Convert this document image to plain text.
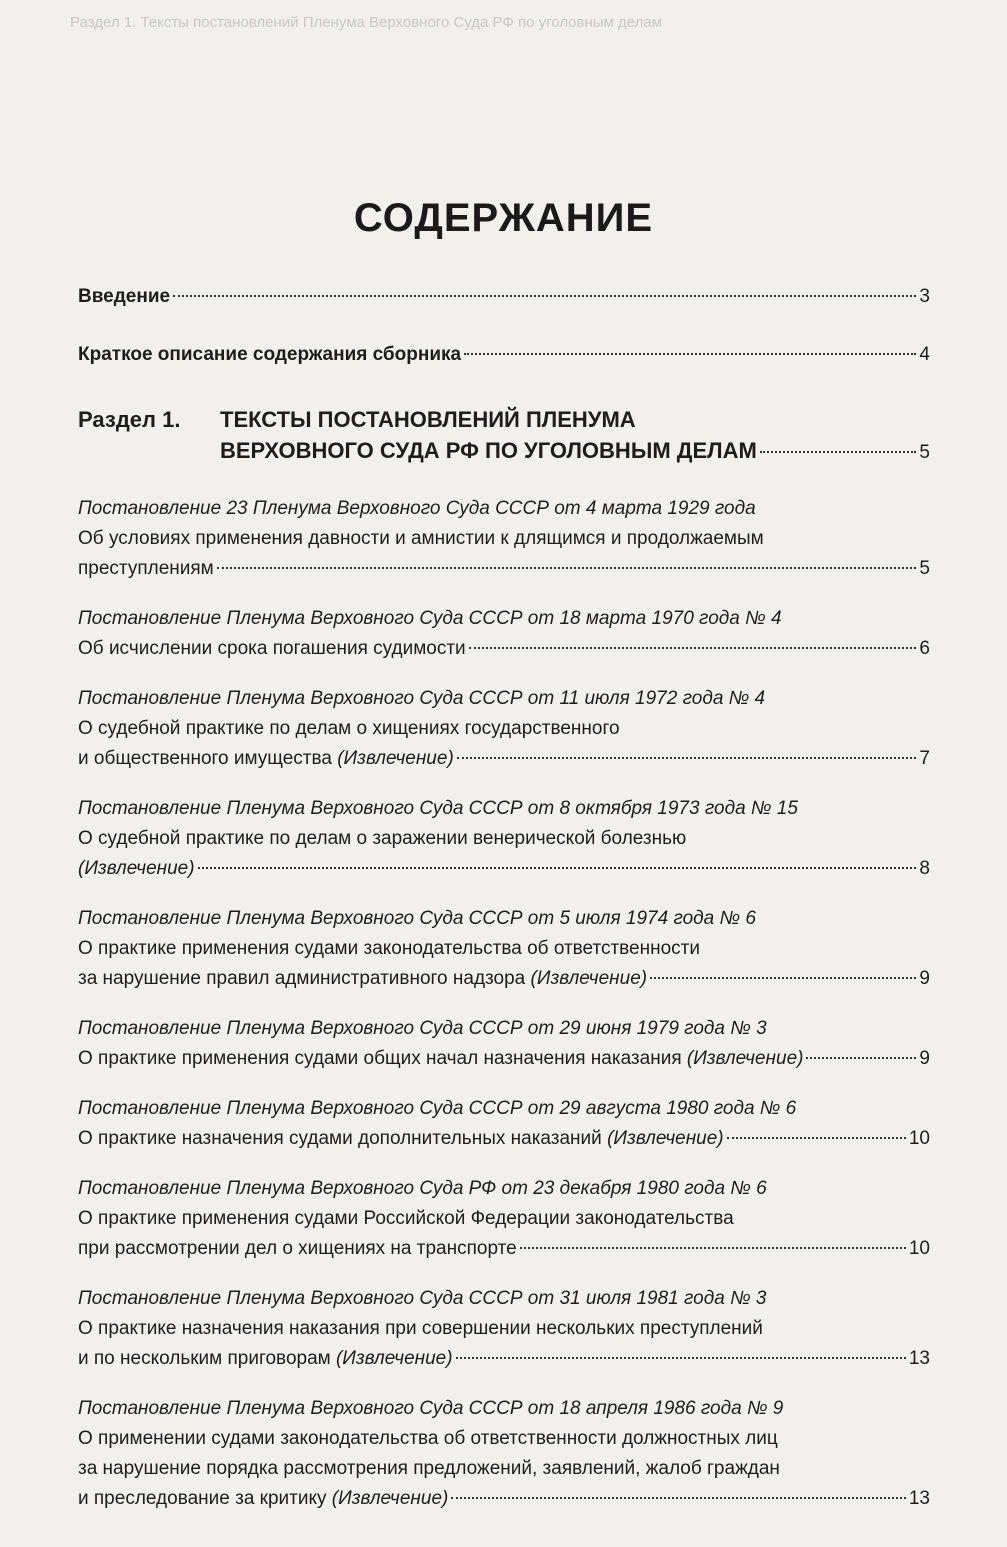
Раздел 1. Тексты постановлений Пленума Верховного Суда РФ по уголовным делам
СОДЕРЖАНИЕ
Введение	3
Краткое описание содержания сборника	4
Раздел 1.	ТЕКСТЫ ПОСТАНОВЛЕНИЙ ПЛЕНУМА
ВЕРХОВНОГО СУДА РФ ПО УГОЛОВНЫМ ДЕЛАМ	5
Постановление 23 Пленума Верховного Суда СССР от 4 марта 1929 года
Об условиях применения давности и амнистии к длящимся и продолжаемым
преступлениям	5
Постановление Пленума Верховного Суда СССР от 18 марта 1970 года № 4
Об исчислении срока погашения судимости	6
Постановление Пленума Верховного Суда СССР от 11 июля 1972 года № 4
О судебной практике по делам о хищениях государственного
и общественного имущества (Извлечение)	7
Постановление Пленума Верховного Суда СССР от 8 октября 1973 года № 15
О судебной практике по делам о заражении венерической болезнью
(Извлечение)	8
Постановление Пленума Верховного Суда СССР от 5 июля 1974 года № 6
О практике применения судами законодательства об ответственности
за нарушение правил административного надзора (Извлечение)	9
Постановление Пленума Верховного Суда СССР от 29 июня 1979 года № 3
О практике применения судами общих начал назначения наказания (Извлечение)	9
Постановление Пленума Верховного Суда СССР от 29 августа 1980 года № 6
О практике назначения судами дополнительных наказаний (Извлечение)	10
Постановление Пленума Верховного Суда РФ от 23 декабря 1980 года № 6
О практике применения судами Российской Федерации законодательства
при рассмотрении дел о хищениях на транспорте	10
Постановление Пленума Верховного Суда СССР от 31 июля 1981 года № 3
О практике назначения наказания при совершении нескольких преступлений
и по нескольким приговорам (Извлечение)	13
Постановление Пленума Верховного Суда СССР от 18 апреля 1986 года № 9
О применении судами законодательства об ответственности должностных лиц
за нарушение порядка рассмотрения предложений, заявлений, жалоб граждан
и преследование за критику (Извлечение)	13
